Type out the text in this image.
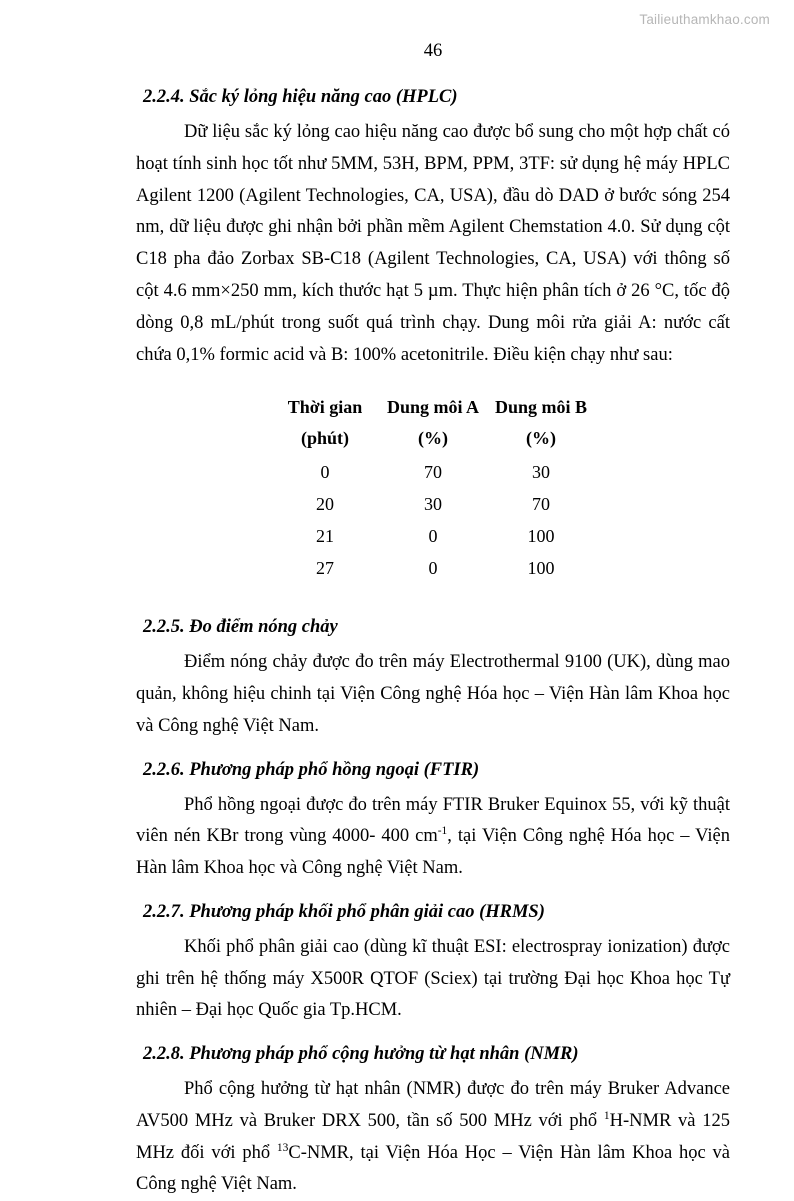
Tailieuthamkhao.com
46
2.2.4. Sắc ký lỏng hiệu năng cao (HPLC)

Dữ liệu sắc ký lỏng cao hiệu năng cao được bổ sung cho một hợp chất có hoạt tính sinh học tốt như 5MM, 53H, BPM, PPM, 3TF: sử dụng hệ máy HPLC Agilent 1200 (Agilent Technologies, CA, USA), đầu dò DAD ở bước sóng 254 nm, dữ liệu được ghi nhận bởi phần mềm Agilent Chemstation 4.0. Sử dụng cột C18 pha đảo Zorbax SB-C18 (Agilent Technologies, CA, USA) với thông số cột 4.6 mm×250 mm, kích thước hạt 5 µm. Thực hiện phân tích ở 26 °C, tốc độ dòng 0,8 mL/phút trong suốt quá trình chạy. Dung môi rửa giải A: nước cất chứa 0,1% formic acid và B: 100% acetonitrile. Điều kiện chạy như sau:

Thời gian	Dung môi A	Dung môi B
(phút)	(%)	(%)
0	70	30
20	30	70
21	0	100
27	0	100

2.2.5. Đo điểm nóng chảy

Điểm nóng chảy được đo trên máy Electrothermal 9100 (UK), dùng mao quản, không hiệu chinh tại Viện Công nghệ Hóa học – Viện Hàn lâm Khoa học và Công nghệ Việt Nam.

2.2.6. Phương pháp phổ hồng ngoại (FTIR)

Phổ hồng ngoại được đo trên máy FTIR Bruker Equinox 55, với kỹ thuật viên nén KBr trong vùng 4000- 400 $cm^{-1}$, tại Viện Công nghệ Hóa học – Viện Hàn lâm Khoa học và Công nghệ Việt Nam.

2.2.7. Phương pháp khối phổ phân giải cao (HRMS)

Khối phổ phân giải cao (dùng kĩ thuật ESI: electrospray ionization) được ghi trên hệ thống máy X500R QTOF (Sciex) tại trường Đại học Khoa học Tự nhiên – Đại học Quốc gia Tp.HCM.

2.2.8. Phương pháp phổ cộng hưởng từ hạt nhân (NMR)

Phổ cộng hưởng từ hạt nhân (NMR) được đo trên máy Bruker Advance AV500 MHz và Bruker DRX 500, tần số 500 MHz với phổ $^1$H-NMR và 125 MHz đối với phổ $^{13}$C-NMR, tại Viện Hóa Học – Viện Hàn lâm Khoa học và Công nghệ Việt Nam.
